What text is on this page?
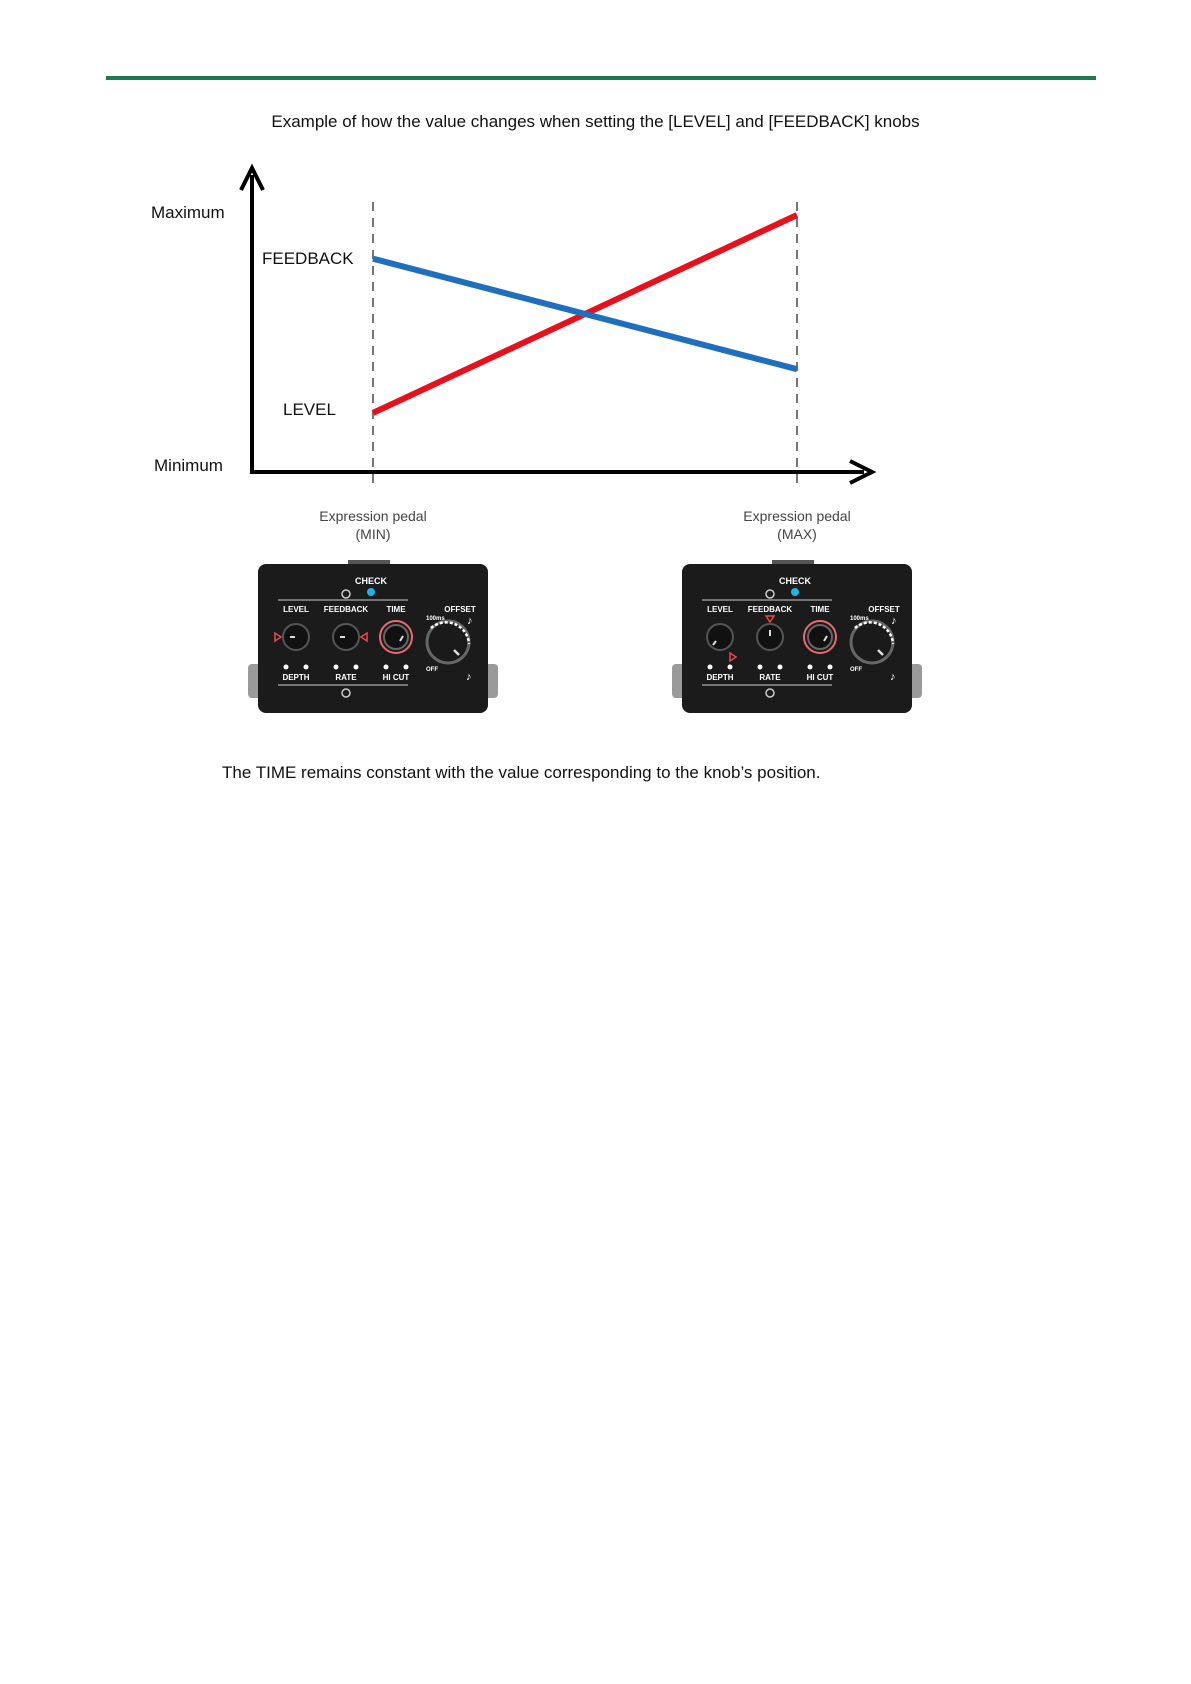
Example of how the value changes when setting the [LEVEL] and [FEEDBACK] knobs
Maximum
Minimum
FEEDBACK
LEVEL
Expression pedal
(MIN)
Expression pedal
(MAX)
CHECK
LEVEL FEEDBACK TIME	OFFSET
100ms ♪
OFF
♪
DEPTH	RATE	HI CUT
CHECK
LEVEL FEEDBACK TIME	OFFSET
100ms ♪
OFF
♪
DEPTH	RATE	HI CUT
The TIME remains constant with the value corresponding to the knob’s position.
